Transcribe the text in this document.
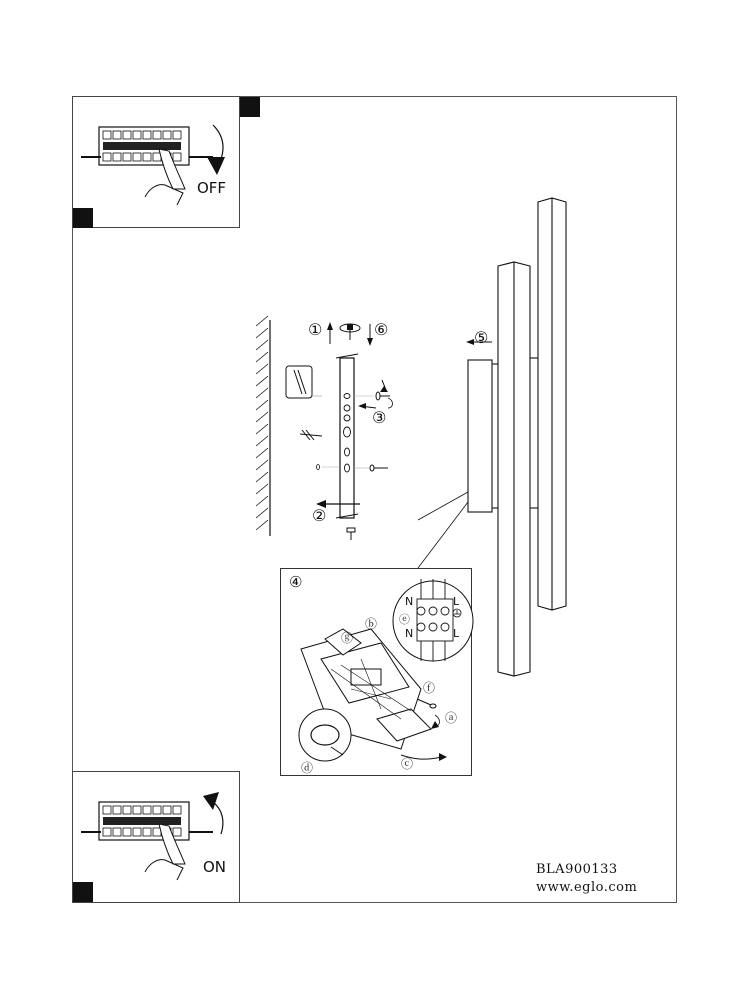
OFF
ON
①	⑥
③
②
⑤
④
N	L
N	L
ⓔ
ⓑ
ⓖ
ⓕ
ⓐ
ⓒ
ⓓ
BLA900133
www.eglo.com
